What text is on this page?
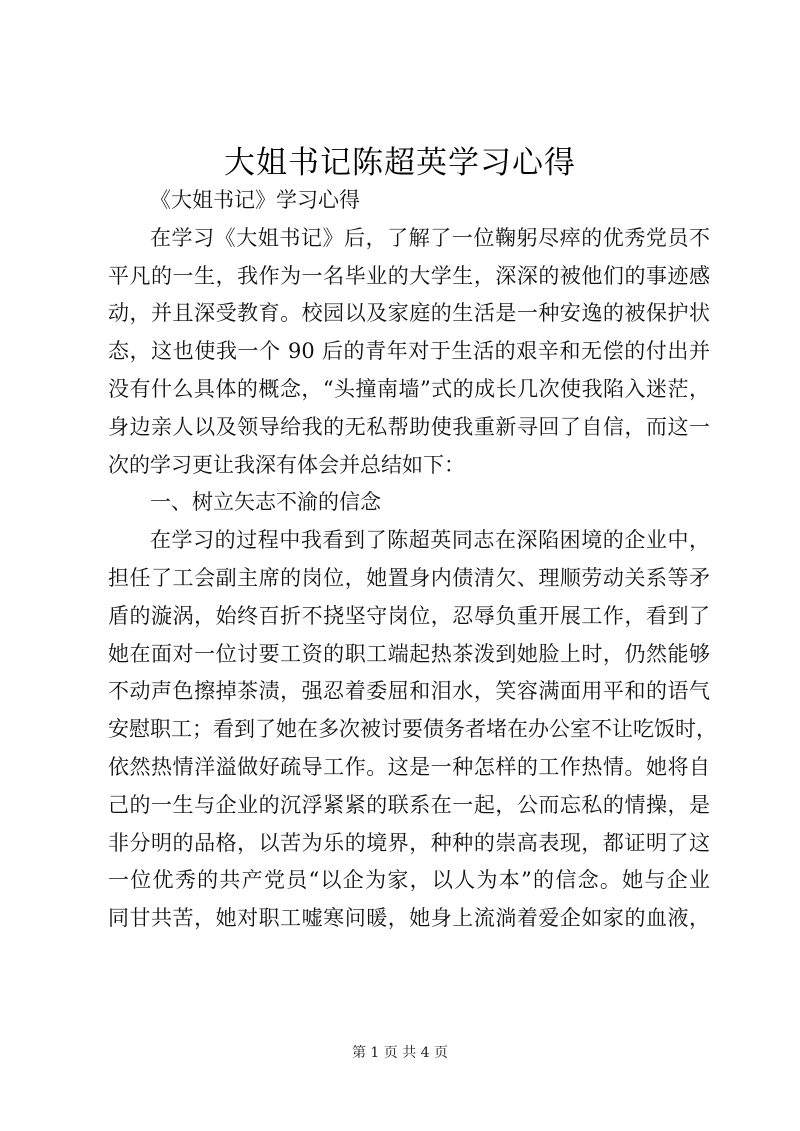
大姐书记陈超英学习心得
《大姐书记》学习心得
在学习《大姐书记》后，了解了一位鞠躬尽瘁的优秀党员不
平凡的一生，我作为一名毕业的大学生，深深的被他们的事迹感
动，并且深受教育。校园以及家庭的生活是一种安逸的被保护状
态，这也使我一个 90 后的青年对于生活的艰辛和无偿的付出并
没有什么具体的概念，“头撞南墙”式的成长几次使我陷入迷茫，
身边亲人以及领导给我的无私帮助使我重新寻回了自信，而这一
次的学习更让我深有体会并总结如下：
一、树立矢志不渝的信念
在学习的过程中我看到了陈超英同志在深陷困境的企业中，
担任了工会副主席的岗位，她置身内债清欠、理顺劳动关系等矛
盾的漩涡，始终百折不挠坚守岗位，忍辱负重开展工作，看到了
她在面对一位讨要工资的职工端起热茶泼到她脸上时，仍然能够
不动声色擦掉茶渍，强忍着委屈和泪水，笑容满面用平和的语气
安慰职工；看到了她在多次被讨要债务者堵在办公室不让吃饭时，
依然热情洋溢做好疏导工作。这是一种怎样的工作热情。她将自
己的一生与企业的沉浮紧紧的联系在一起，公而忘私的情操，是
非分明的品格，以苦为乐的境界，种种的崇高表现，都证明了这
一位优秀的共产党员“以企为家，以人为本”的信念。她与企业
同甘共苦，她对职工嘘寒问暖，她身上流淌着爱企如家的血液，
第 1 页 共 4 页
